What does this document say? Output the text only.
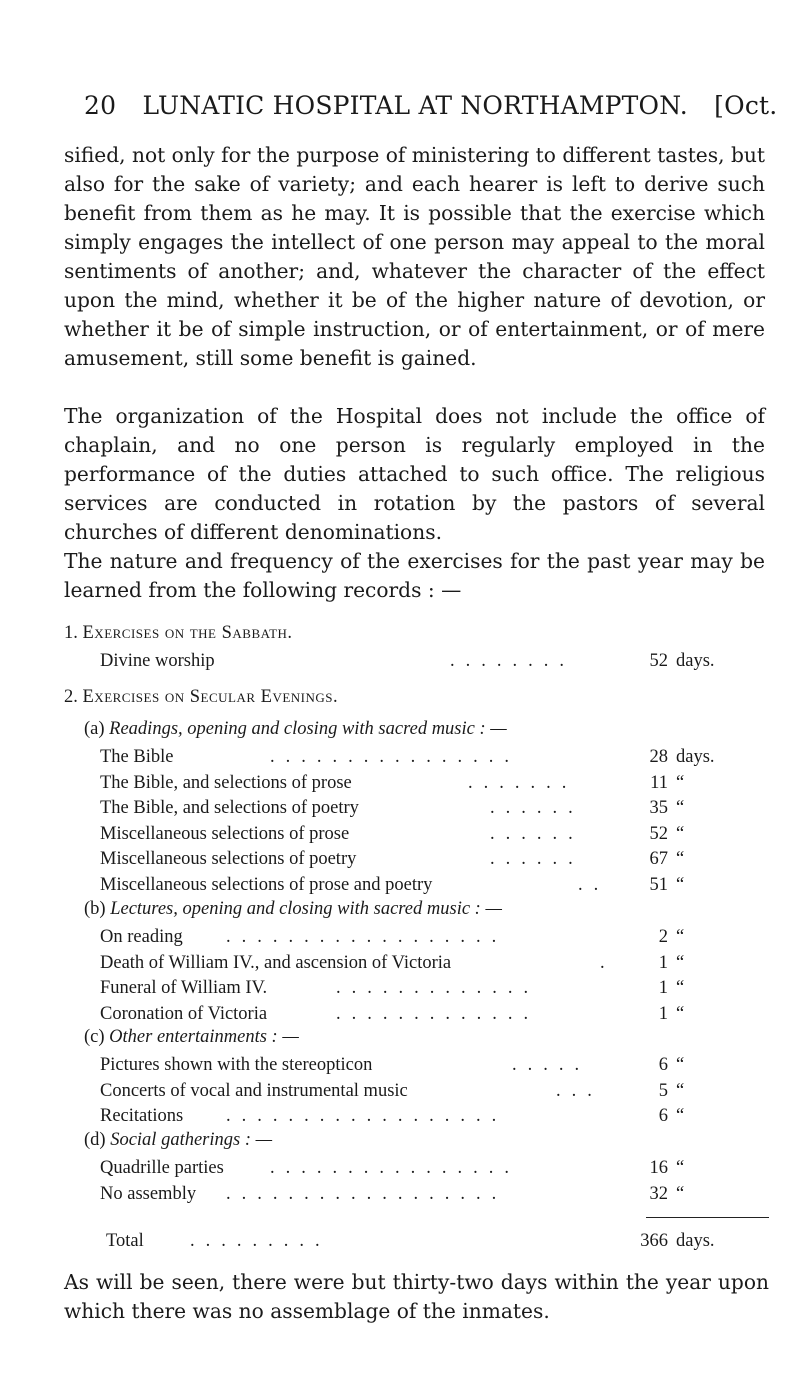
20 LUNATIC HOSPITAL AT NORTHAMPTON. [Oct.

sified, not only for the purpose of ministering to different tastes, but also for the sake of variety; and each hearer is left to derive such benefit from them as he may. It is possible that the exercise which simply engages the intellect of one person may appeal to the moral sentiments of another; and, whatever the character of the effect upon the mind, whether it be of the higher nature of devotion, or whether it be of simple instruction, or of entertainment, or of mere amusement, still some benefit is gained.

The organization of the Hospital does not include the office of chaplain, and no one person is regularly employed in the performance of the duties attached to such office. The religious services are conducted in rotation by the pastors of several churches of different denominations.

The nature and frequency of the exercises for the past year may be learned from the following records : —

1. Exercises on the Sabbath.
Divine worship	........	52 days.
2. Exercises on Secular Evenings.
(a) Readings, opening and closing with sacred music : —
The Bible	................	28 days.
The Bible, and selections of prose	.......	11 “
The Bible, and selections of poetry	......	35 “
Miscellaneous selections of prose	......	52 “
Miscellaneous selections of poetry	......	67 “
Miscellaneous selections of prose and poetry	..	51 “
(b) Lectures, opening and closing with sacred music : —
On reading ..................	2 “
Death of William IV., and ascension of Victoria	.	1 “
Funeral of William IV.	.............	1 “
Coronation of Victoria	.............	1 “
(c) Other entertainments : —
Pictures shown with the stereopticon	.....	6 “
Concerts of vocal and instrumental music	...	5 “
Recitations ..................	6 “
(d) Social gatherings : —
Quadrille parties ................	16 “
No assembly ..................	32 “
Total	.........	366 days.

As will be seen, there were but thirty-two days within the year upon which there was no assemblage of the inmates.
